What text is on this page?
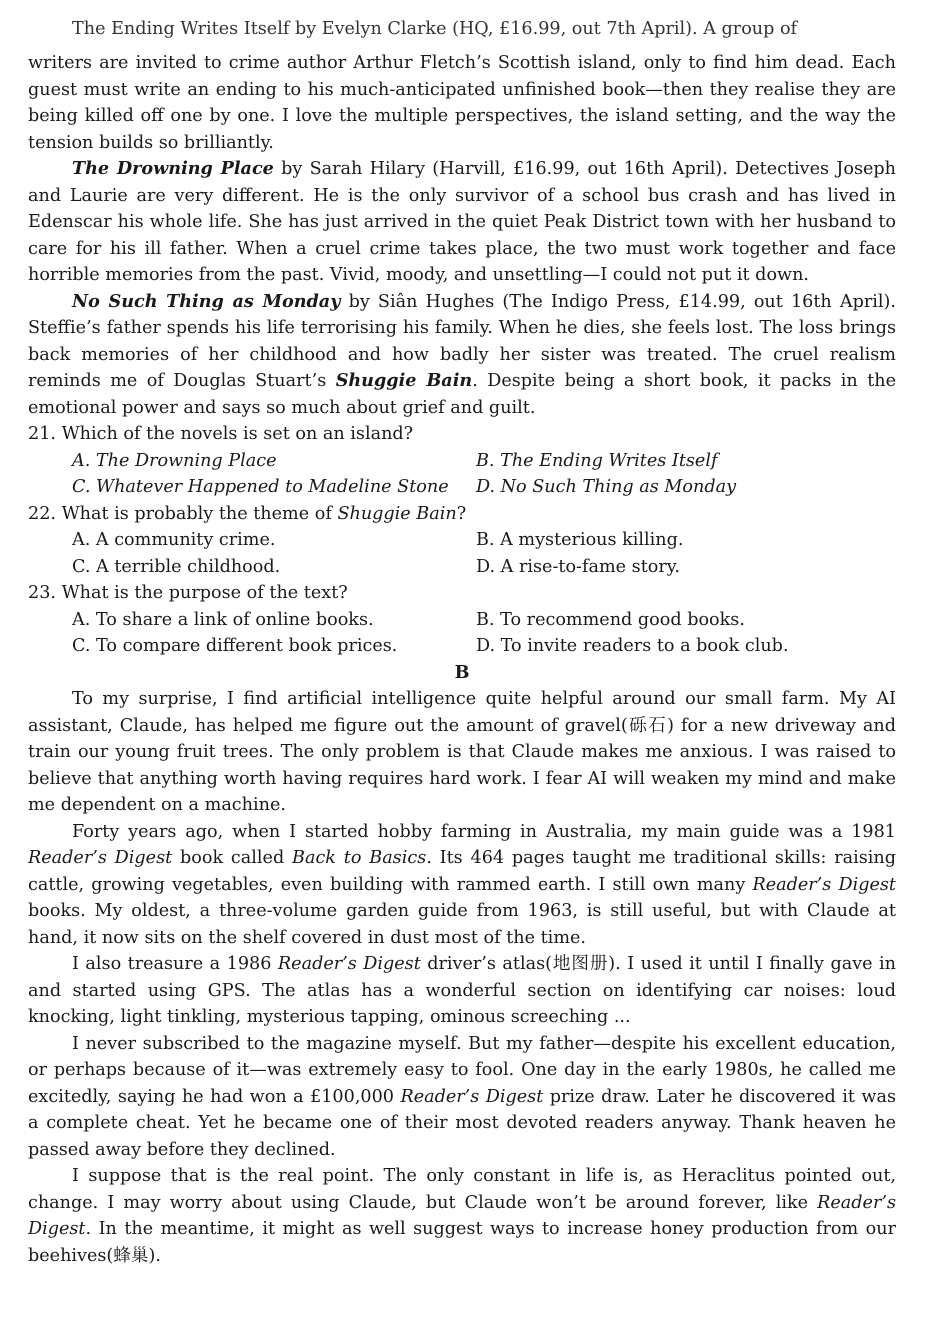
The Ending Writes Itself by Evelyn Clarke (HQ, £16.99, out 7th April). A group of

writers are invited to crime author Arthur Fletch’s Scottish island, only to find him dead. Each guest must write an ending to his much-anticipated unfinished book—then they realise they are being killed off one by one. I love the multiple perspectives, the island setting, and the way the tension builds so brilliantly.

The Drowning Place by Sarah Hilary (Harvill, £16.99, out 16th April). Detectives Joseph and Laurie are very different. He is the only survivor of a school bus crash and has lived in Edenscar his whole life. She has just arrived in the quiet Peak District town with her husband to care for his ill father. When a cruel crime takes place, the two must work together and face horrible memories from the past. Vivid, moody, and unsettling—I could not put it down.

No Such Thing as Monday by Siân Hughes (The Indigo Press, £14.99, out 16th April). Steffie’s father spends his life terrorising his family. When he dies, she feels lost. The loss brings back memories of her childhood and how badly her sister was treated. The cruel realism reminds me of Douglas Stuart’s Shuggie Bain. Despite being a short book, it packs in the emotional power and says so much about grief and guilt.

21. Which of the novels is set on an island?

A. The Drowning Place	B. The Ending Writes Itself
C. Whatever Happened to Madeline Stone	D. No Such Thing as Monday

22. What is probably the theme of Shuggie Bain?

A. A community crime.	B. A mysterious killing.
C. A terrible childhood.	D. A rise-to-fame story.

23. What is the purpose of the text?

A. To share a link of online books.	B. To recommend good books.
C. To compare different book prices.	D. To invite readers to a book club.

B

To my surprise, I find artificial intelligence quite helpful around our small farm. My AI assistant, Claude, has helped me figure out the amount of gravel(砾石) for a new driveway and train our young fruit trees. The only problem is that Claude makes me anxious. I was raised to believe that anything worth having requires hard work. I fear AI will weaken my mind and make me dependent on a machine.

Forty years ago, when I started hobby farming in Australia, my main guide was a 1981 Reader’s Digest book called Back to Basics. Its 464 pages taught me traditional skills: raising cattle, growing vegetables, even building with rammed earth. I still own many Reader’s Digest books. My oldest, a three-volume garden guide from 1963, is still useful, but with Claude at hand, it now sits on the shelf covered in dust most of the time.

I also treasure a 1986 Reader’s Digest driver’s atlas(地图册). I used it until I finally gave in and started using GPS. The atlas has a wonderful section on identifying car noises: loud knocking, light tinkling, mysterious tapping, ominous screeching ...

I never subscribed to the magazine myself. But my father—despite his excellent education, or perhaps because of it—was extremely easy to fool. One day in the early 1980s, he called me excitedly, saying he had won a £100,000 Reader’s Digest prize draw. Later he discovered it was a complete cheat. Yet he became one of their most devoted readers anyway. Thank heaven he passed away before they declined.

I suppose that is the real point. The only constant in life is, as Heraclitus pointed out, change. I may worry about using Claude, but Claude won’t be around forever, like Reader’s Digest. In the meantime, it might as well suggest ways to increase honey production from our beehives(蜂巢).
